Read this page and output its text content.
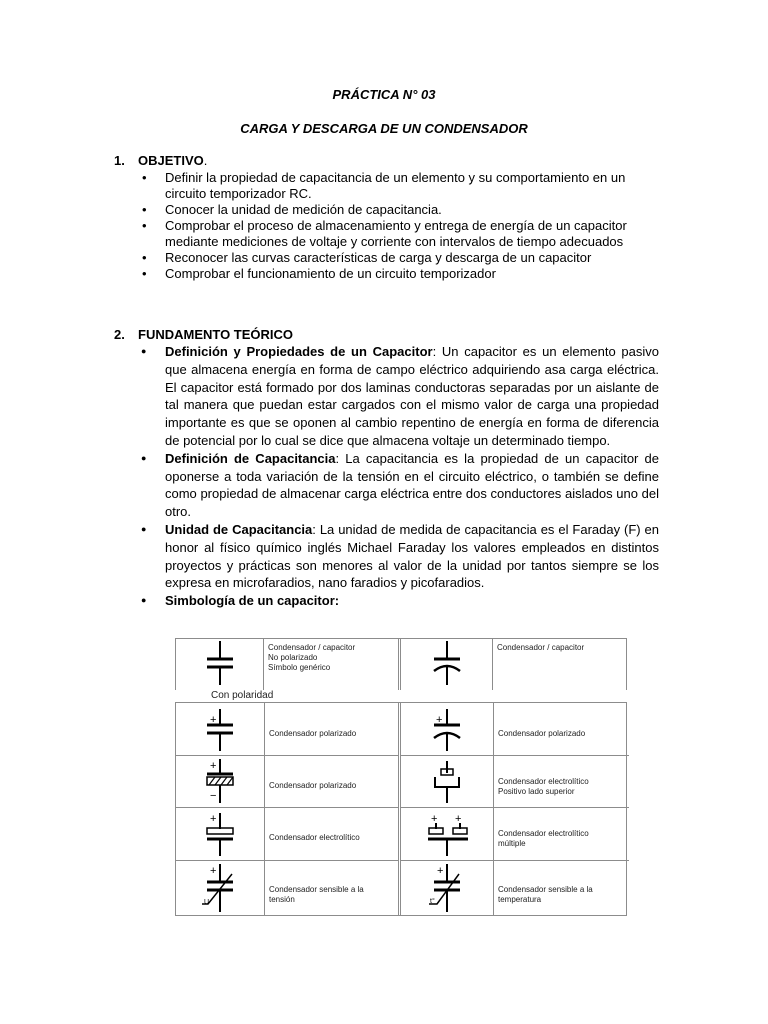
PRÁCTICA N° 03
CARGA Y DESCARGA DE UN CONDENSADOR
1. OBJETIVO.
• Definir la propiedad de capacitancia de un elemento y su comportamiento en un circuito temporizador RC.
• Conocer la unidad de medición de capacitancia.
• Comprobar el proceso de almacenamiento y entrega de energía de un capacitor mediante mediciones de voltaje y corriente con intervalos de tiempo adecuados
• Reconocer las curvas características de carga y descarga de un capacitor
• Comprobar el funcionamiento de un circuito temporizador
2. FUNDAMENTO TEÓRICO
● Definición y Propiedades de un Capacitor: Un capacitor es un elemento pasivo que almacena energía en forma de campo eléctrico adquiriendo asa carga eléctrica. El capacitor está formado por dos laminas conductoras separadas por un aislante de tal manera que puedan estar cargados con el mismo valor de carga una propiedad importante es que se oponen al cambio repentino de energía en forma de diferencia de potencial por lo cual se dice que almacena voltaje un determinado tiempo.
● Definición de Capacitancia: La capacitancia es la propiedad de un capacitor de oponerse a toda variación de la tensión en el circuito eléctrico, o también se define como propiedad de almacenar carga eléctrica entre dos conductores aislados uno del otro.
● Unidad de Capacitancia: La unidad de medida de capacitancia es el Faraday (F) en honor al físico químico inglés Michael Faraday los valores empleados en distintos proyectos y prácticas son menores al valor de la unidad por tantos siempre se los expresa en microfaradios, nano faradios y picofaradios.
● Simbología de un capacitor:
Condensador / capacitor
No polarizado
Símbolo genérico
Condensador / capacitor
Con polaridad
+
Condensador polarizado
+
Condensador polarizado
+
−
Condensador polarizado	Condensador electrolítico
Positivo lado superior
+
Condensador electrolítico
+ +
Condensador electrolítico
múltiple
+
U
Condensador sensible a la
tensión
+
t°
Condensador sensible a la
temperatura
